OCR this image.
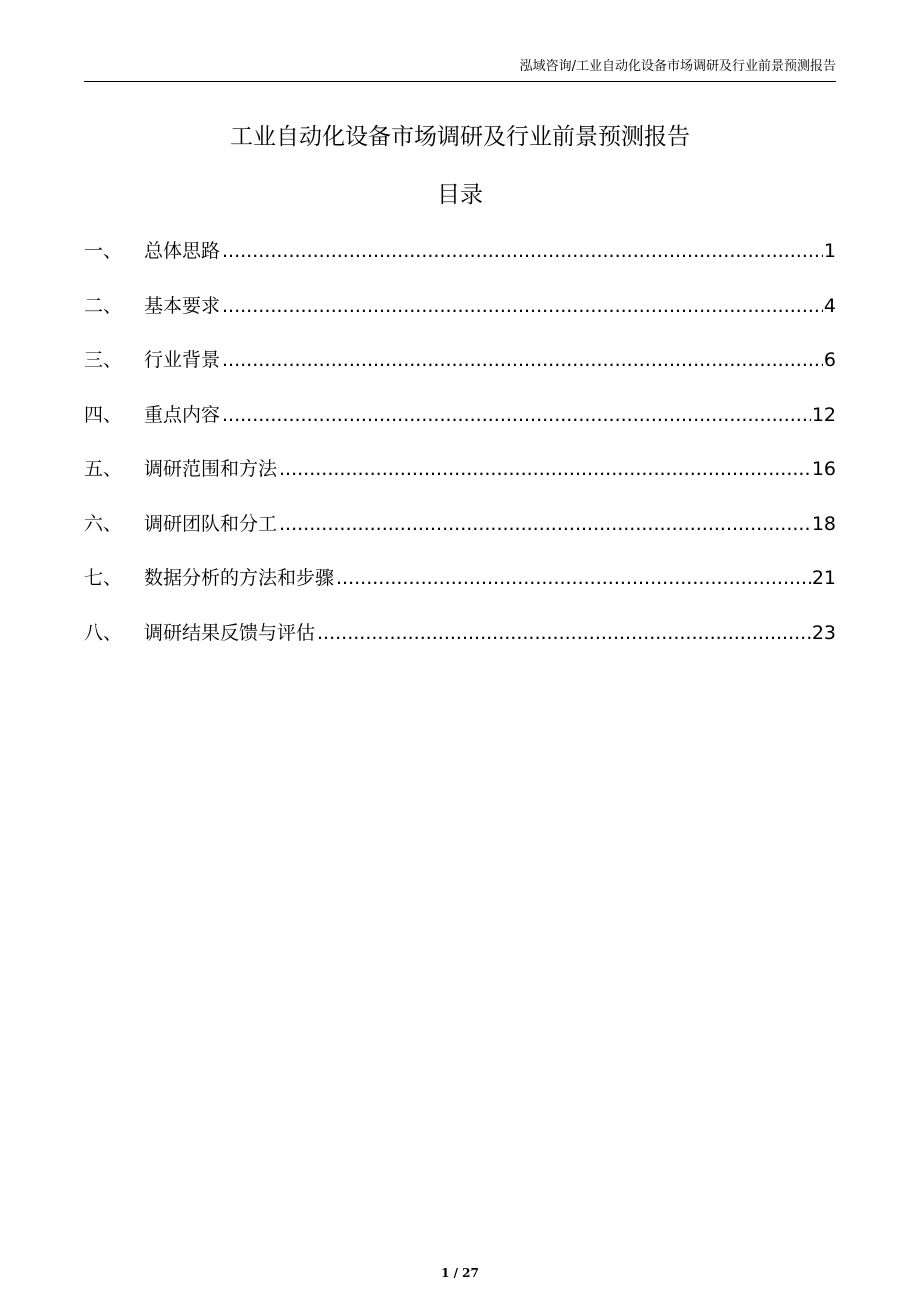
泓域咨询/工业自动化设备市场调研及行业前景预测报告
工业自动化设备市场调研及行业前景预测报告
目录
一、	总体思路 .....	1
二、	基本要求 .....	4
三、	行业背景 .....	6
四、	重点内容 .....	12
五、	调研范围和方法 .....	16
六、	调研团队和分工 .....	18
七、	数据分析的方法和步骤 .....	21
八、	调研结果反馈与评估 .....	23
1 / 27
